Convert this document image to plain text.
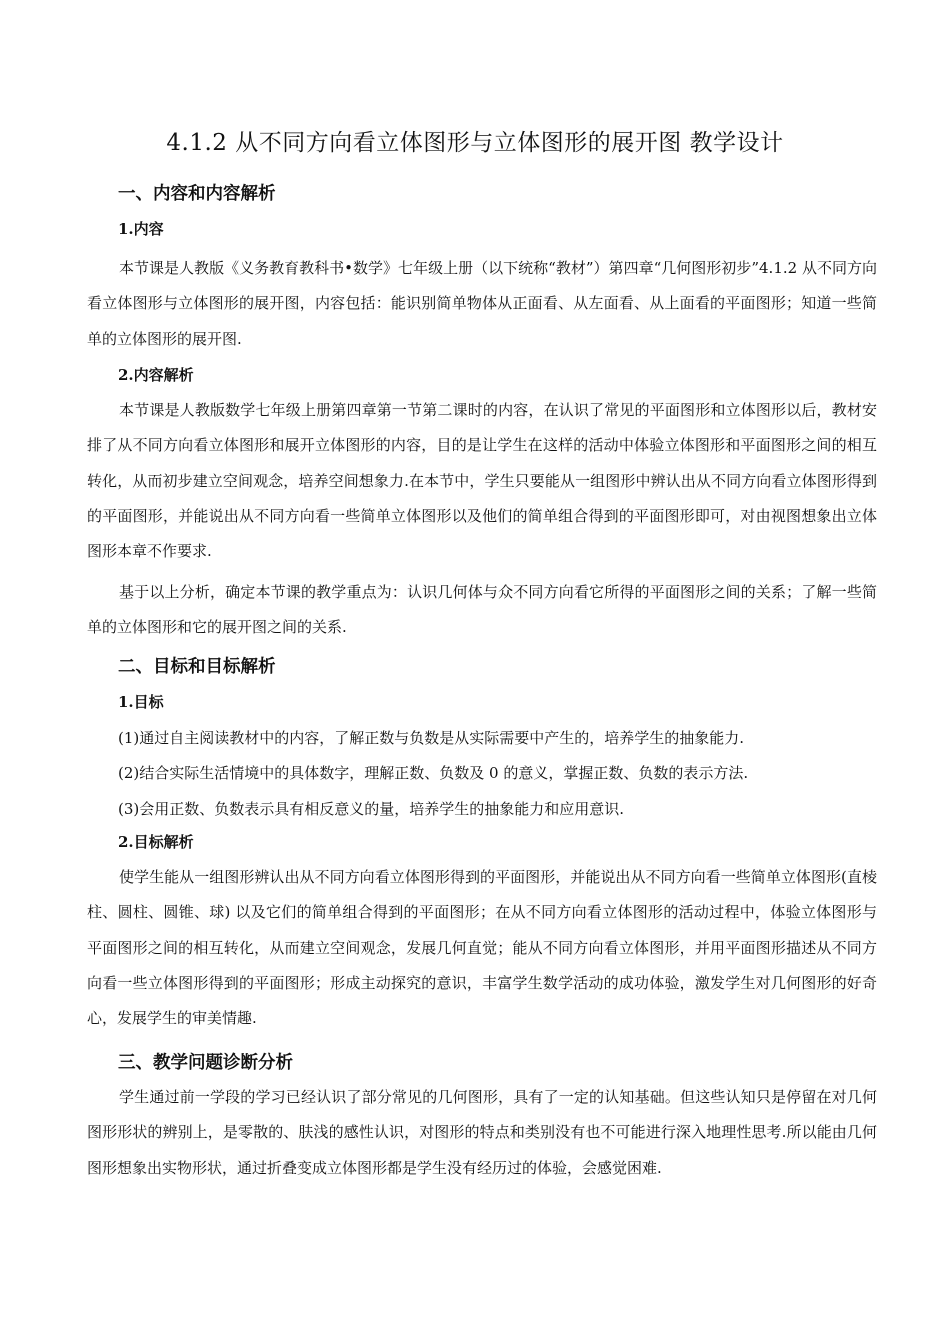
4.1.2 从不同方向看立体图形与立体图形的展开图 教学设计
一、内容和内容解析
1.内容

本节课是人教版《义务教育教科书•数学》七年级上册（以下统称“教材”）第四章“几何图形初步”4.1.2 从不同方向看立体图形与立体图形的展开图，内容包括：能识别简单物体从正面看、从左面看、从上面看的平面图形；知道一些简单的立体图形的展开图.

2.内容解析

本节课是人教版数学七年级上册第四章第一节第二课时的内容，在认识了常见的平面图形和立体图形以后，教材安排了从不同方向看立体图形和展开立体图形的内容，目的是让学生在这样的活动中体验立体图形和平面图形之间的相互转化，从而初步建立空间观念，培养空间想象力.在本节中，学生只要能从一组图形中辨认出从不同方向看立体图形得到的平面图形，并能说出从不同方向看一些简单立体图形以及他们的简单组合得到的平面图形即可，对由视图想象出立体图形本章不作要求.

基于以上分析，确定本节课的教学重点为：认识几何体与众不同方向看它所得的平面图形之间的关系；了解一些简单的立体图形和它的展开图之间的关系.

二、目标和目标解析
1.目标
(1)通过自主阅读教材中的内容，了解正数与负数是从实际需要中产生的，培养学生的抽象能力.
(2)结合实际生活情境中的具体数字，理解正数、负数及 0 的意义，掌握正数、负数的表示方法.
(3)会用正数、负数表示具有相反意义的量，培养学生的抽象能力和应用意识.
2.目标解析

使学生能从一组图形辨认出从不同方向看立体图形得到的平面图形，并能说出从不同方向看一些简单立体图形(直棱柱、圆柱、圆锥、球) 以及它们的简单组合得到的平面图形；在从不同方向看立体图形的活动过程中，体验立体图形与平面图形之间的相互转化，从而建立空间观念，发展几何直觉；能从不同方向看立体图形，并用平面图形描述从不同方向看一些立体图形得到的平面图形；形成主动探究的意识，丰富学生数学活动的成功体验，激发学生对几何图形的好奇心，发展学生的审美情趣.

三、教学问题诊断分析

学生通过前一学段的学习已经认识了部分常见的几何图形，具有了一定的认知基础。但这些认知只是停留在对几何图形形状的辨别上，是零散的、肤浅的感性认识，对图形的特点和类别没有也不可能进行深入地理性思考.所以能由几何图形想象出实物形状，通过折叠变成立体图形都是学生没有经历过的体验，会感觉困难.
